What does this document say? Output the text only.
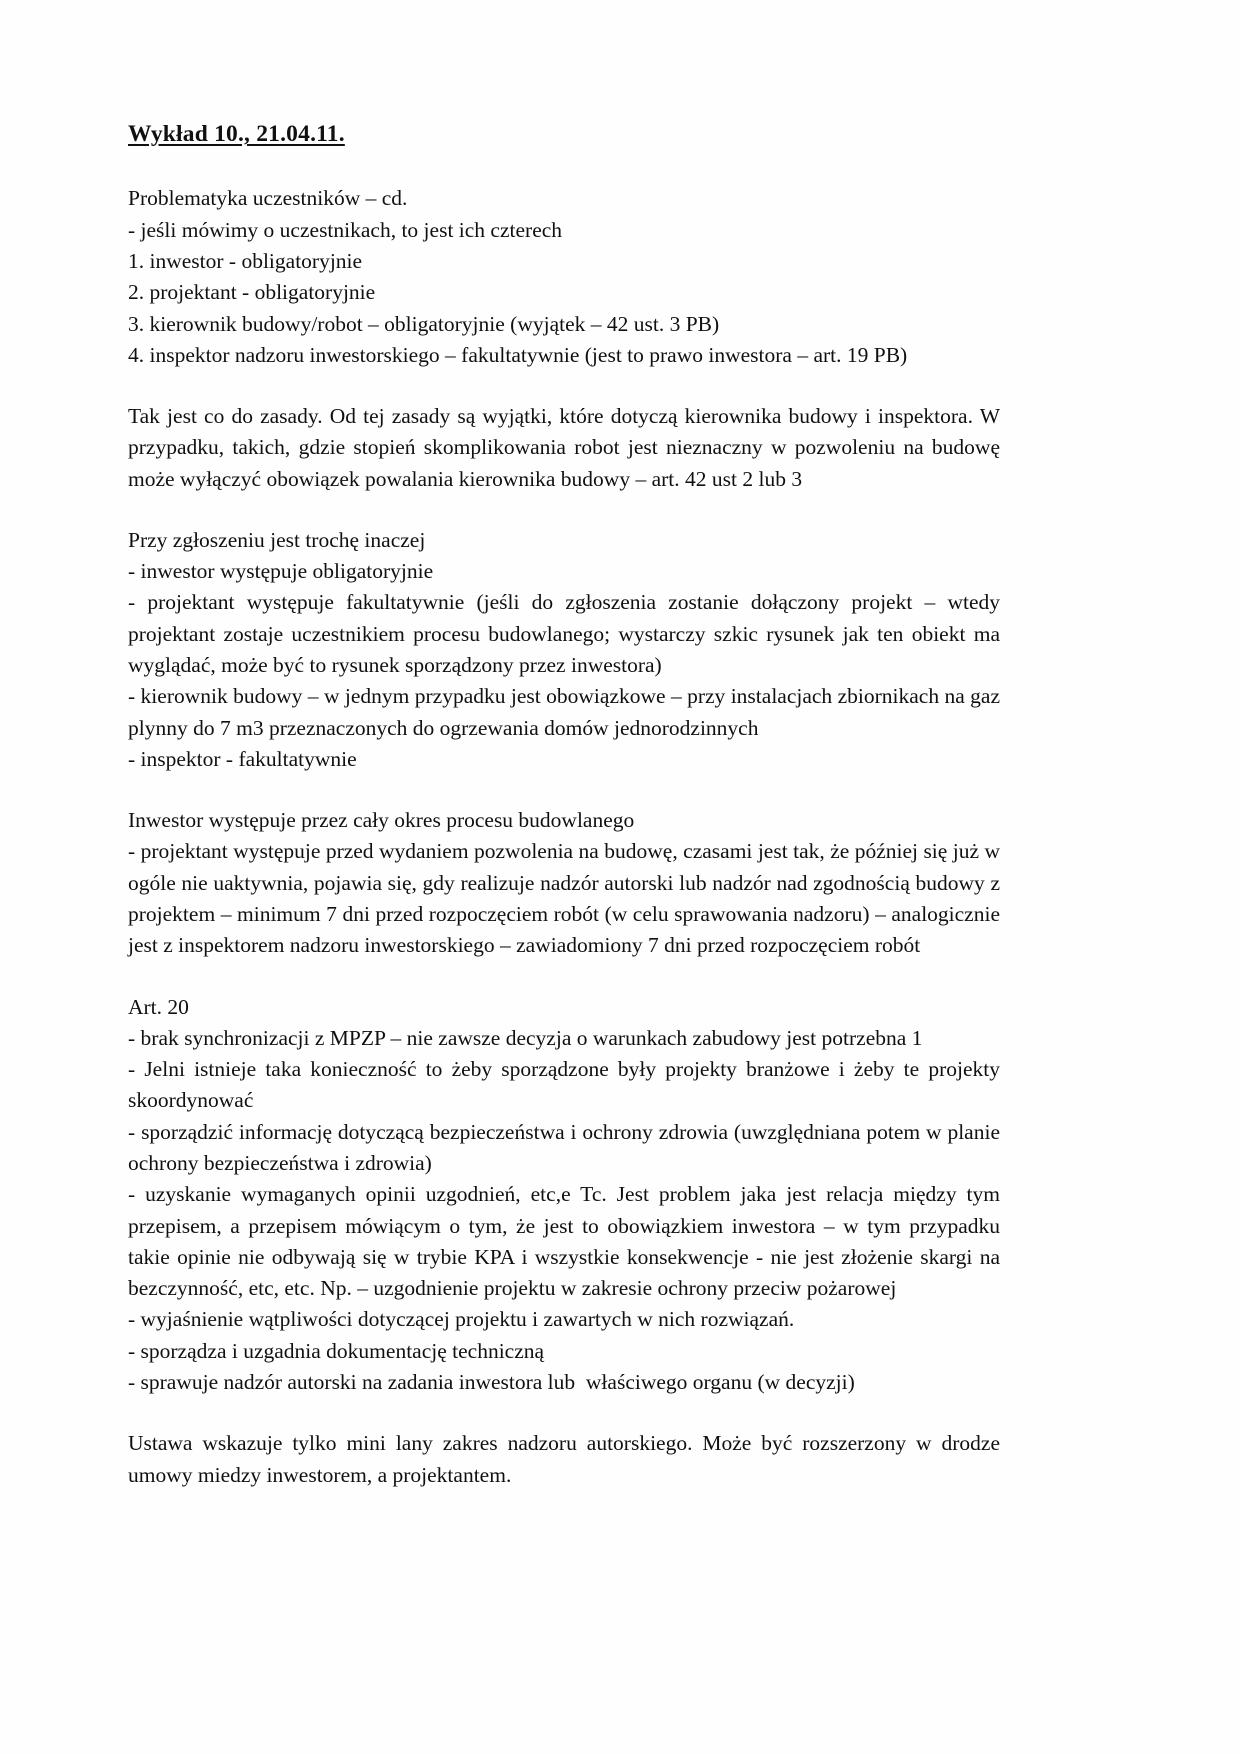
Wykład 10., 21.04.11.

Problematyka uczestników – cd.

- jeśli mówimy o uczestnikach, to jest ich czterech

1. inwestor - obligatoryjnie

2. projektant - obligatoryjnie

3. kierownik budowy/robot – obligatoryjnie (wyjątek – 42 ust. 3 PB)

4. inspektor nadzoru inwestorskiego – fakultatywnie (jest to prawo inwestora – art. 19 PB)

Tak jest co do zasady. Od tej zasady są wyjątki, które dotyczą kierownika budowy i inspektora. W przypadku, takich, gdzie stopień skomplikowania robot jest nieznaczny w pozwoleniu na budowę może wyłączyć obowiązek powalania kierownika budowy – art. 42 ust 2 lub 3

Przy zgłoszeniu jest trochę inaczej

- inwestor występuje obligatoryjnie

- projektant występuje fakultatywnie (jeśli do zgłoszenia zostanie dołączony projekt – wtedy projektant zostaje uczestnikiem procesu budowlanego; wystarczy szkic rysunek jak ten obiekt ma wyglądać, może być to rysunek sporządzony przez inwestora)

- kierownik budowy – w jednym przypadku jest obowiązkowe – przy instalacjach zbiornikach na gaz plynny do 7 m3 przeznaczonych do ogrzewania domów jednorodzinnych

- inspektor - fakultatywnie

Inwestor występuje przez cały okres procesu budowlanego

- projektant występuje przed wydaniem pozwolenia na budowę, czasami jest tak, że później się już w ogóle nie uaktywnia, pojawia się, gdy realizuje nadzór autorski lub nadzór nad zgodnością budowy z projektem – minimum 7 dni przed rozpoczęciem robót (w celu sprawowania nadzoru) – analogicznie jest z inspektorem nadzoru inwestorskiego – zawiadomiony 7 dni przed rozpoczęciem robót

Art. 20

- brak synchronizacji z MPZP – nie zawsze decyzja o warunkach zabudowy jest potrzebna 1

- Jelni istnieje taka konieczność to żeby sporządzone były projekty branżowe i żeby te projekty skoordynować

- sporządzić informację dotyczącą bezpieczeństwa i ochrony zdrowia (uwzględniana potem w planie ochrony bezpieczeństwa i zdrowia)

- uzyskanie wymaganych opinii uzgodnień, etc,e Tc. Jest problem jaka jest relacja między tym przepisem, a przepisem mówiącym o tym, że jest to obowiązkiem inwestora – w tym przypadku takie opinie nie odbywają się w trybie KPA i wszystkie konsekwencje - nie jest złożenie skargi na bezczynność, etc, etc. Np. – uzgodnienie projektu w zakresie ochrony przeciw pożarowej

- wyjaśnienie wątpliwości dotyczącej projektu i zawartych w nich rozwiązań.

- sporządza i uzgadnia dokumentację techniczną

- sprawuje nadzór autorski na zadania inwestora lub  właściwego organu (w decyzji)

Ustawa wskazuje tylko mini lany zakres nadzoru autorskiego. Może być rozszerzony w drodze umowy miedzy inwestorem, a projektantem.
